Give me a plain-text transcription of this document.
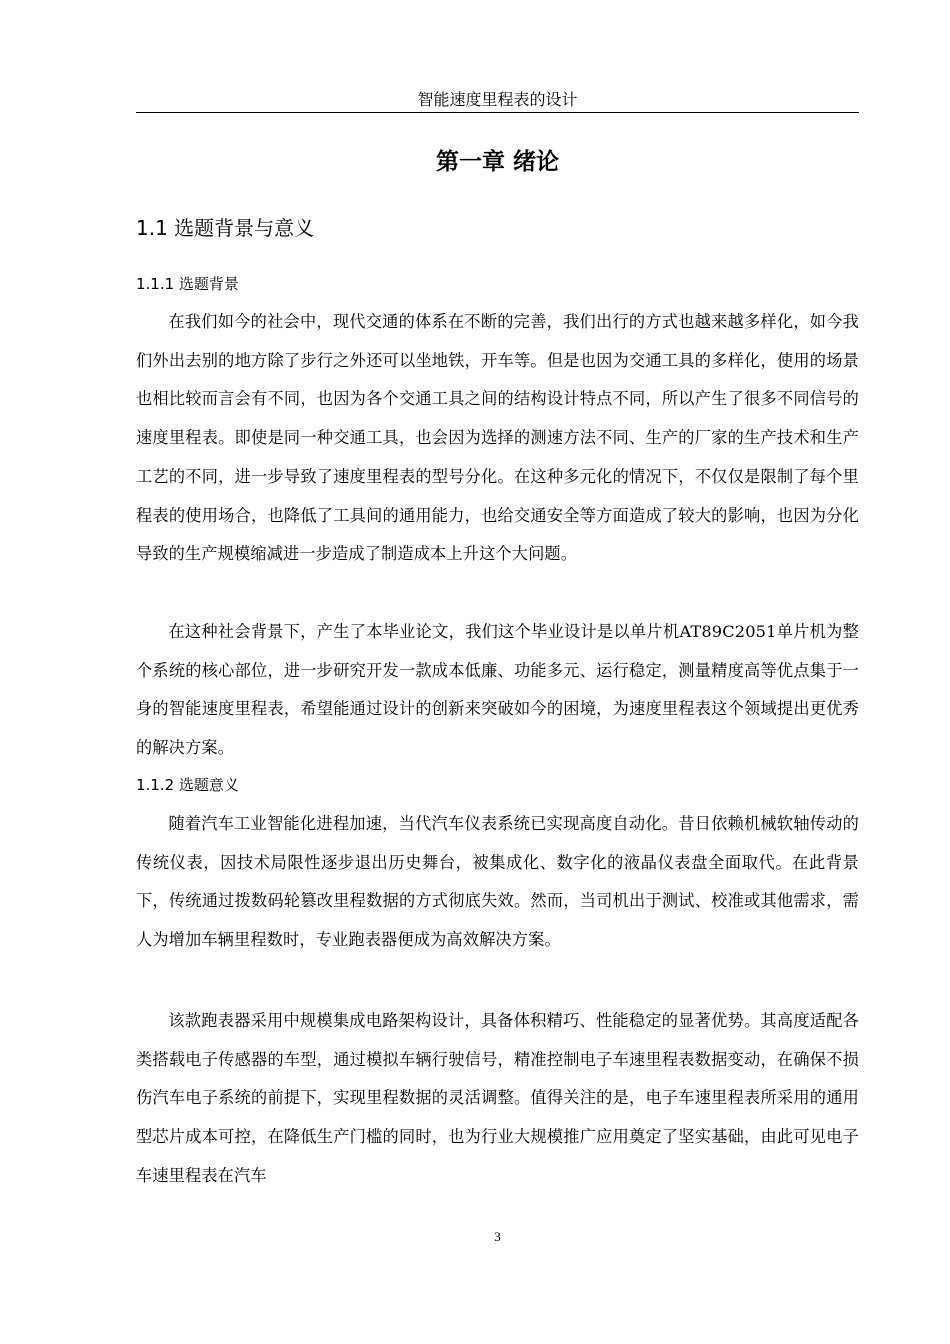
智能速度里程表的设计
第一章 绪论
1.1 选题背景与意义
1.1.1 选题背景

在我们如今的社会中，现代交通的体系在不断的完善，我们出行的方式也越来越多样化，如今我们外出去别的地方除了步行之外还可以坐地铁，开车等。但是也因为交通工具的多样化，使用的场景也相比较而言会有不同，也因为各个交通工具之间的结构设计特点不同，所以产生了很多不同信号的速度里程表。即使是同一种交通工具，也会因为选择的测速方法不同、生产的厂家的生产技术和生产工艺的不同，进一步导致了速度里程表的型号分化。在这种多元化的情况下，不仅仅是限制了每个里程表的使用场合，也降低了工具间的通用能力，也给交通安全等方面造成了较大的影响，也因为分化导致的生产规模缩减进一步造成了制造成本上升这个大问题。

在这种社会背景下，产生了本毕业论文，我们这个毕业设计是以单片机AT89C2051单片机为整个系统的核心部位，进一步研究开发一款成本低廉、功能多元、运行稳定，测量精度高等优点集于一身的智能速度里程表，希望能通过设计的创新来突破如今的困境，为速度里程表这个领域提出更优秀的解决方案。

1.1.2 选题意义

随着汽车工业智能化进程加速，当代汽车仪表系统已实现高度自动化。昔日依赖机械软轴传动的传统仪表，因技术局限性逐步退出历史舞台，被集成化、数字化的液晶仪表盘全面取代。在此背景下，传统通过拨数码轮篡改里程数据的方式彻底失效。然而，当司机出于测试、校准或其他需求，需人为增加车辆里程数时，专业跑表器便成为高效解决方案。

该款跑表器采用中规模集成电路架构设计，具备体积精巧、性能稳定的显著优势。其高度适配各类搭载电子传感器的车型，通过模拟车辆行驶信号，精准控制电子车速里程表数据变动，在确保不损伤汽车电子系统的前提下，实现里程数据的灵活调整。值得关注的是，电子车速里程表所采用的通用型芯片成本可控，在降低生产门槛的同时，也为行业大规模推广应用奠定了坚实基础，由此可见电子车速里程表在汽车

3
